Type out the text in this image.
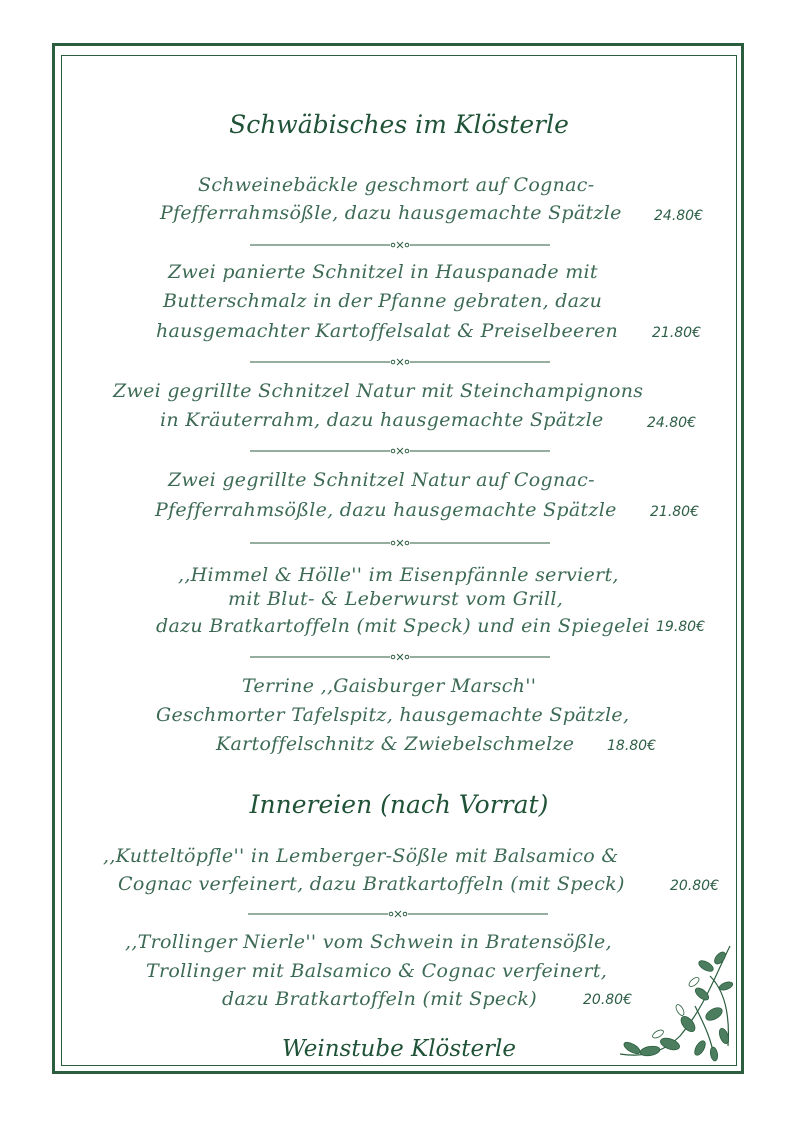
Schwäbisches im Klösterle
Schweinebäckle geschmort auf Cognac-
Pfefferrahmsößle, dazu hausgemachte Spätzle 24.80€
Zwei panierte Schnitzel in Hauspanade mit
Butterschmalz in der Pfanne gebraten, dazu
hausgemachter Kartoffelsalat & Preiselbeeren 21.80€
Zwei gegrillte Schnitzel Natur mit Steinchampignons
in Kräuterrahm, dazu hausgemachte Spätzle	24.80€
Zwei gegrillte Schnitzel Natur auf Cognac-
Pfefferrahmsößle, dazu hausgemachte Spätzle 21.80€
,,Himmel & Hölle'' im Eisenpfännle serviert,
mit Blut- & Leberwurst vom Grill,
dazu Bratkartoffeln (mit Speck) und ein Spiegelei 19.80€
Terrine ,,Gaisburger Marsch''
Geschmorter Tafelspitz, hausgemachte Spätzle,
Kartoffelschnitz & Zwiebelschmelze 18.80€
Innereien (nach Vorrat)
,,Kutteltöpfle'' in Lemberger-Sößle mit Balsamico &
Cognac verfeinert, dazu Bratkartoffeln (mit Speck)	20.80€
,,Trollinger Nierle'' vom Schwein in Bratensößle,
Trollinger mit Balsamico & Cognac verfeinert,
dazu Bratkartoffeln (mit Speck)	20.80€
Weinstube Klösterle
